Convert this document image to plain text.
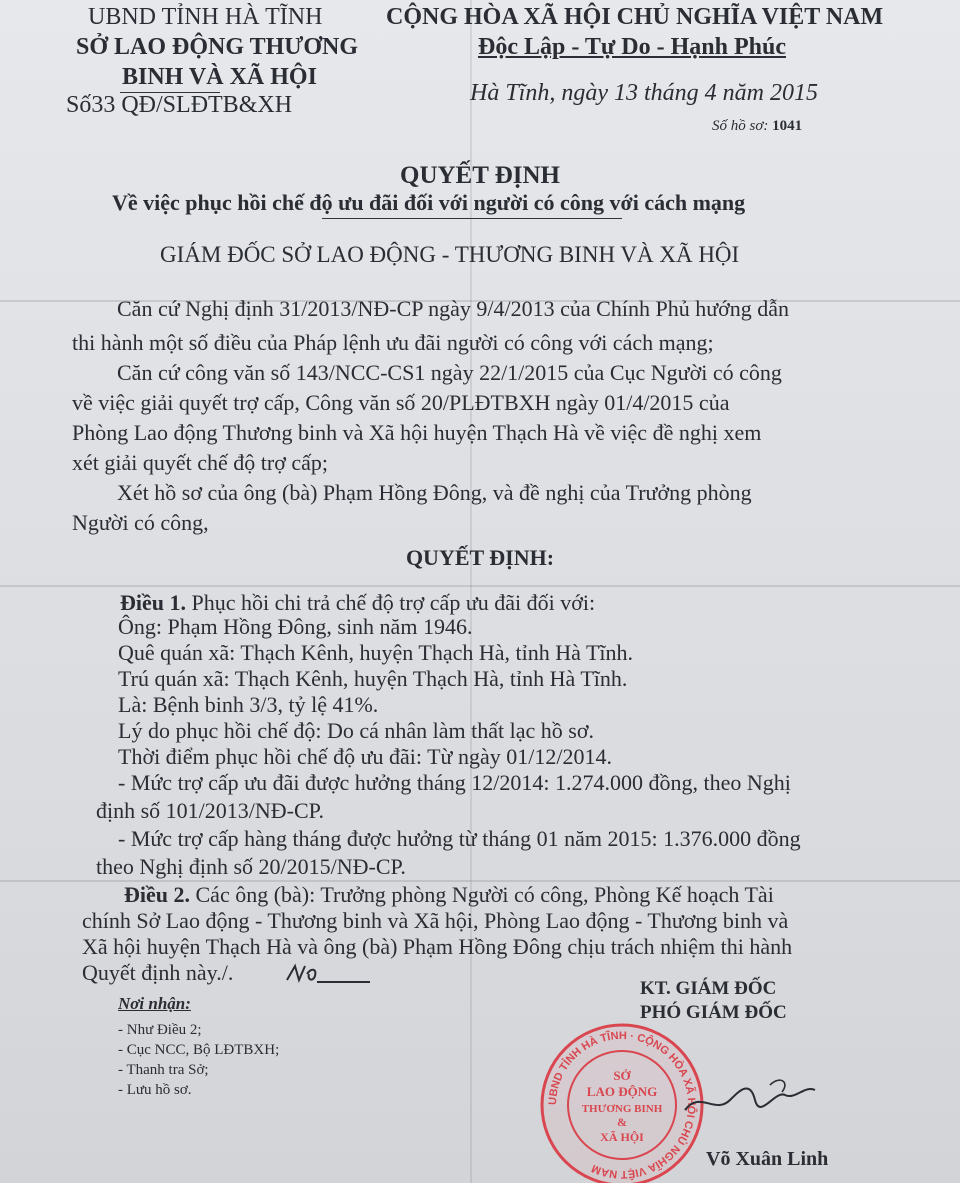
UBND TỈNH HÀ TĨNH
SỞ LAO ĐỘNG THƯƠNG
BINH VÀ XÃ HỘI
Số33 QĐ/SLĐTB&XH
CỘNG HÒA XÃ HỘI CHỦ NGHĨA VIỆT NAM
Độc Lập - Tự Do - Hạnh Phúc
Hà Tĩnh, ngày 13 tháng 4 năm 2015
Số hồ sơ: 1041
QUYẾT ĐỊNH
Về việc phục hồi chế độ ưu đãi đối với người có công với cách mạng
GIÁM ĐỐC SỞ LAO ĐỘNG - THƯƠNG BINH VÀ XÃ HỘI
Căn cứ Nghị định 31/2013/NĐ-CP ngày 9/4/2013 của Chính Phủ hướng dẫn
thi hành một số điều của Pháp lệnh ưu đãi người có công với cách mạng;
Căn cứ công văn số 143/NCC-CS1 ngày 22/1/2015 của Cục Người có công
về việc giải quyết trợ cấp, Công văn số 20/PLĐTBXH ngày 01/4/2015 của
Phòng Lao động Thương binh và Xã hội huyện Thạch Hà về việc đề nghị xem
xét giải quyết chế độ trợ cấp;
Xét hồ sơ của ông (bà) Phạm Hồng Đông, và đề nghị của Trưởng phòng
Người có công,
QUYẾT ĐỊNH:
Điều 1. Phục hồi chi trả chế độ trợ cấp ưu đãi đối với:
Ông: Phạm Hồng Đông, sinh năm 1946.
Quê quán xã: Thạch Kênh, huyện Thạch Hà, tỉnh Hà Tĩnh.
Trú quán xã: Thạch Kênh, huyện Thạch Hà, tỉnh Hà Tĩnh.
Là: Bệnh binh 3/3, tỷ lệ 41%.
Lý do phục hồi chế độ: Do cá nhân làm thất lạc hồ sơ.
Thời điểm phục hồi chế độ ưu đãi: Từ ngày 01/12/2014.
- Mức trợ cấp ưu đãi được hưởng tháng 12/2014: 1.274.000 đồng, theo Nghị
định số 101/2013/NĐ-CP.
- Mức trợ cấp hàng tháng được hưởng từ tháng 01 năm 2015: 1.376.000 đồng
theo Nghị định số 20/2015/NĐ-CP.
Điều 2. Các ông (bà): Trưởng phòng Người có công, Phòng Kế hoạch Tài
chính Sở Lao động - Thương binh và Xã hội, Phòng Lao động - Thương binh và
Xã hội huyện Thạch Hà và ông (bà) Phạm Hồng Đông chịu trách nhiệm thi hành
Quyết định này./.
Nơi nhận:
- Như Điều 2;
- Cục NCC, Bộ LĐTBXH;
- Thanh tra Sở;
- Lưu hồ sơ.
KT. GIÁM ĐỐC
PHÓ GIÁM ĐỐC
UBND TỈNH HÀ TĨNH · CỘNG HÒA XÃ HỘI CHỦ NGHĨA VIỆT NAM
SỞ
LAO ĐỘNG
THƯƠNG BINH
&
XÃ HỘI
Võ Xuân Linh
